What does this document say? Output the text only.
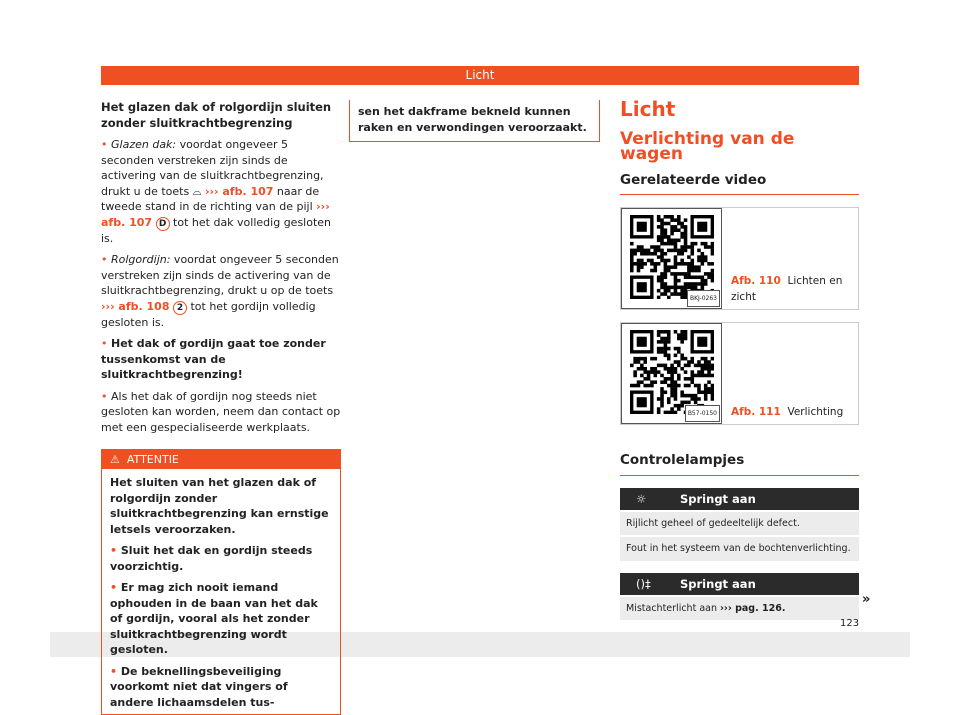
Licht
Het glazen dak of rolgordijn sluiten zonder sluitkrachtbegrenzing

• Glazen dak: voordat ongeveer 5 seconden verstreken zijn sinds de activering van de sluitkrachtbegrenzing, drukt u de toets ⌓ ››› afb. 107 naar de tweede stand in de richting van de pijl ››› afb. 107 D tot het dak volledig gesloten is.

• Rolgordijn: voordat ongeveer 5 seconden verstreken zijn sinds de activering van de sluitkrachtbegrenzing, drukt u op de toets ››› afb. 108 2 tot het gordijn volledig gesloten is.

• Het dak of gordijn gaat toe zonder tussenkomst van de sluitkrachtbegrenzing!

• Als het dak of gordijn nog steeds niet gesloten kan worden, neem dan contact op met een gespecialiseerde werkplaats.

⚠ ATTENTIE

Het sluiten van het glazen dak of rolgordijn zonder sluitkrachtbegrenzing kan ernstige letsels veroorzaken.

• Sluit het dak en gordijn steeds voorzichtig.

• Er mag zich nooit iemand ophouden in de baan van het dak of gordijn, vooral als het zonder sluitkrachtbegrenzing wordt gesloten.

• De beknellingsbeveiliging voorkomt niet dat vingers of andere lichaamsdelen tus-

sen het dakframe bekneld kunnen raken en verwondingen veroorzaakt.
Licht
Verlichting van de wagen
Gerelateerde video
BKJ-0263
Afb. 110 Lichten en zicht
B57-0150 Afb. 111 Verlichting
Controlelampjes
☼	Springt aan
Rijlicht geheel of gedeeltelijk defect.
Fout in het systeem van de bochtenverlichting.
()‡	Springt aan
Mistachterlicht aan ››› pag. 126.
»
123
